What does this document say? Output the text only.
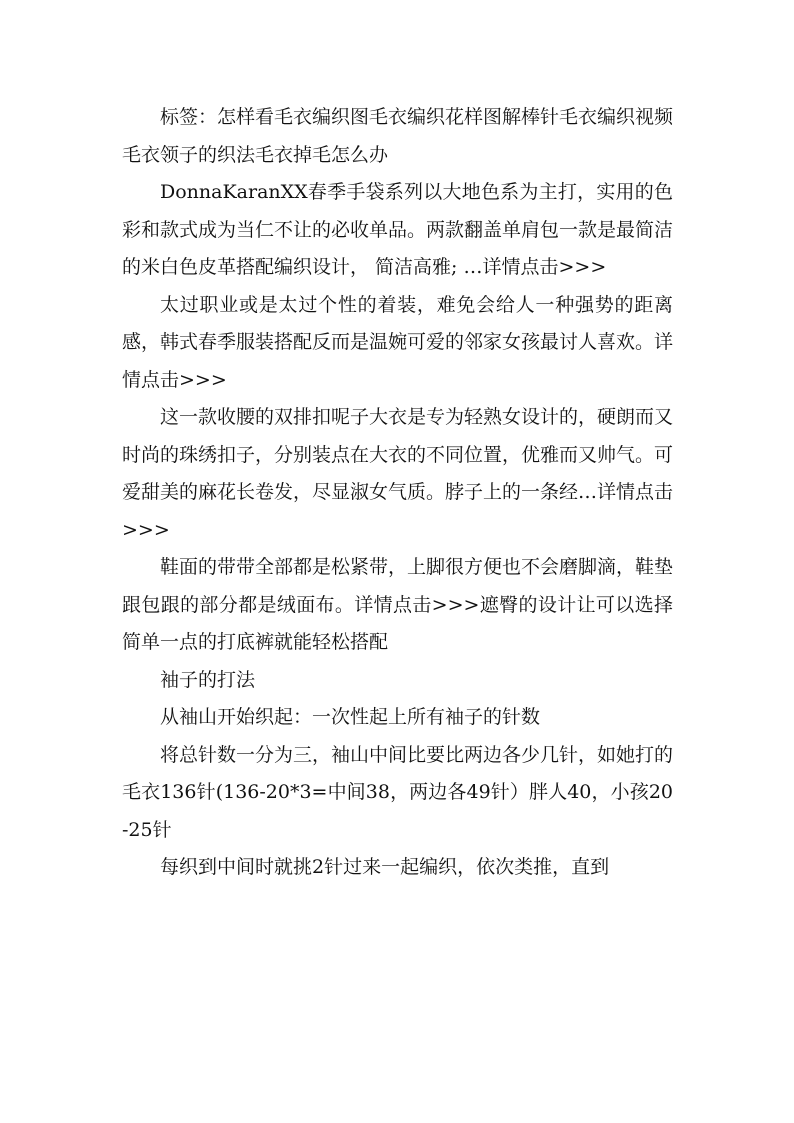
标签：怎样看毛衣编织图毛衣编织花样图解棒针毛衣编织视频毛衣领子的织法毛衣掉毛怎么办

DonnaKaranXX春季手袋系列以大地色系为主打，实用的色彩和款式成为当仁不让的必收单品。两款翻盖单肩包一款是最简洁的米白色皮革搭配编织设计， 简洁高雅; …详情点击>>>

太过职业或是太过个性的着装，难免会给人一种强势的距离感，韩式春季服装搭配反而是温婉可爱的邻家女孩最讨人喜欢。详情点击>>>

这一款收腰的双排扣呢子大衣是专为轻熟女设计的，硬朗而又时尚的珠绣扣子，分别装点在大衣的不同位置，优雅而又帅气。可爱甜美的麻花长卷发，尽显淑女气质。脖子上的一条经…详情点击>>>

鞋面的带带全部都是松紧带，上脚很方便也不会磨脚滴，鞋垫跟包跟的部分都是绒面布。详情点击>>>遮臀的设计让可以选择简单一点的打底裤就能轻松搭配

袖子的打法

从袖山开始织起：一次性起上所有袖子的针数

将总针数一分为三，袖山中间比要比两边各少几针，如她打的毛衣136针(136-20*3=中间38，两边各49针）胖人40，小孩20-25针

每织到中间时就挑2针过来一起编织，依次类推，直到
